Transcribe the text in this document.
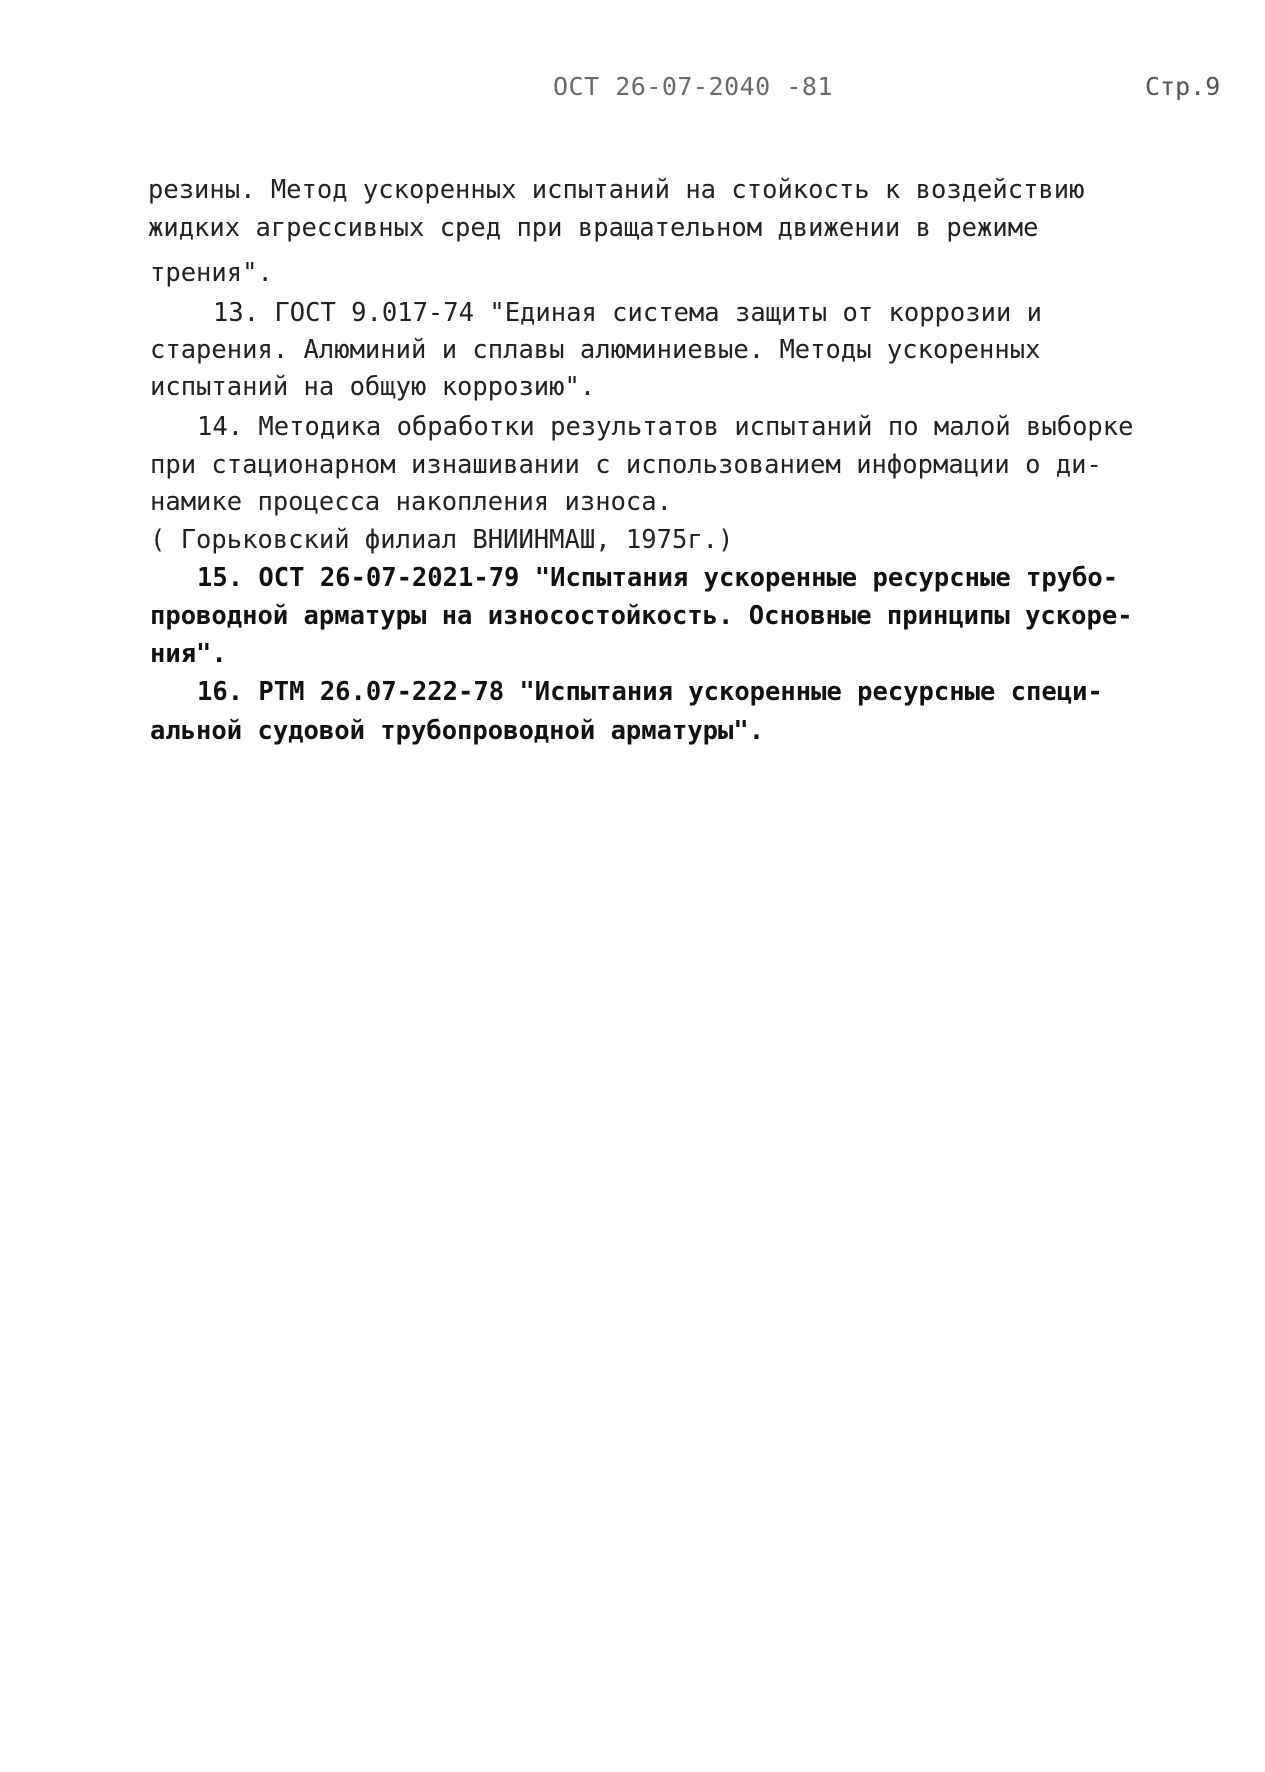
ОСТ 26-07-2040 -81	Стр.9
резины. Метод ускоренных испытаний на стойкость к воздействию
жидких агрессивных сред при вращательном движении в режиме
трения".
13. ГОСТ 9.017-74 "Единая система защиты от коррозии и
старения. Алюминий и сплавы алюминиевые. Методы ускоренных
испытаний на общую коррозию".
14. Методика обработки результатов испытаний по малой выборке
при стационарном изнашивании с использованием информации о ди-
намике процесса накопления износа.
( Горьковский филиал ВНИИНМАШ, 1975г.)
15. ОСТ 26-07-2021-79 "Испытания ускоренные ресурсные трубо-
проводной арматуры на износостойкость. Основные принципы ускоре-
ния".
16. РТМ 26.07-222-78 "Испытания ускоренные ресурсные специ-
альной судовой трубопроводной арматуры".
